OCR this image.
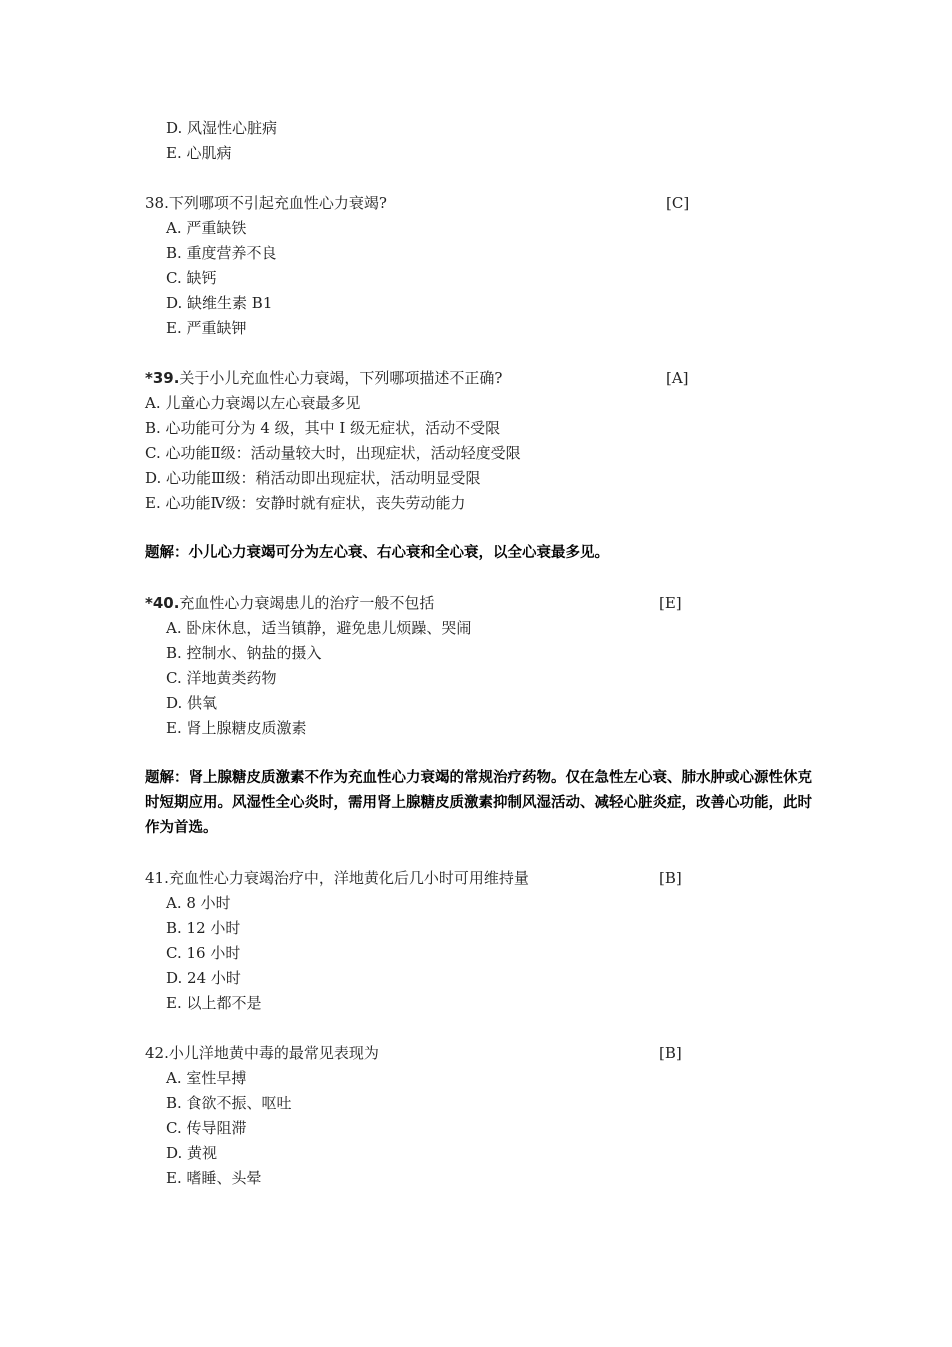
D. 风湿性心脏病
E. 心肌病
38.下列哪项不引起充血性心力衰竭?	[C]
A. 严重缺铁
B. 重度营养不良
C. 缺钙
D. 缺维生素 B1
E. 严重缺钾
*39.关于小儿充血性心力衰竭，下列哪项描述不正确?	[A]
A. 儿童心力衰竭以左心衰最多见
B. 心功能可分为 4 级，其中 I 级无症状，活动不受限
C. 心功能Ⅱ级：活动量较大时，出现症状，活动轻度受限
D. 心功能Ⅲ级：稍活动即出现症状，活动明显受限
E. 心功能Ⅳ级：安静时就有症状，丧失劳动能力
题解：小儿心力衰竭可分为左心衰、右心衰和全心衰，以全心衰最多见。
*40.充血性心力衰竭患儿的治疗一般不包括	[E]
A. 卧床休息，适当镇静，避免患儿烦躁、哭闹
B. 控制水、钠盐的摄入
C. 洋地黄类药物
D. 供氧
E. 肾上腺糖皮质激素
题解：肾上腺糖皮质激素不作为充血性心力衰竭的常规治疗药物。仅在急性左心衰、肺水肿或心源性休克时短期应用。风湿性全心炎时，需用肾上腺糖皮质激素抑制风湿活动、减轻心脏炎症，改善心功能，此时作为首选。
41.充血性心力衰竭治疗中，洋地黄化后几小时可用维持量	[B]
A. 8 小时
B. 12 小时
C. 16 小时
D. 24 小时
E. 以上都不是
42.小儿洋地黄中毒的最常见表现为	[B]
A. 室性早搏
B. 食欲不振、呕吐
C. 传导阻滞
D. 黄视
E. 嗜睡、头晕
